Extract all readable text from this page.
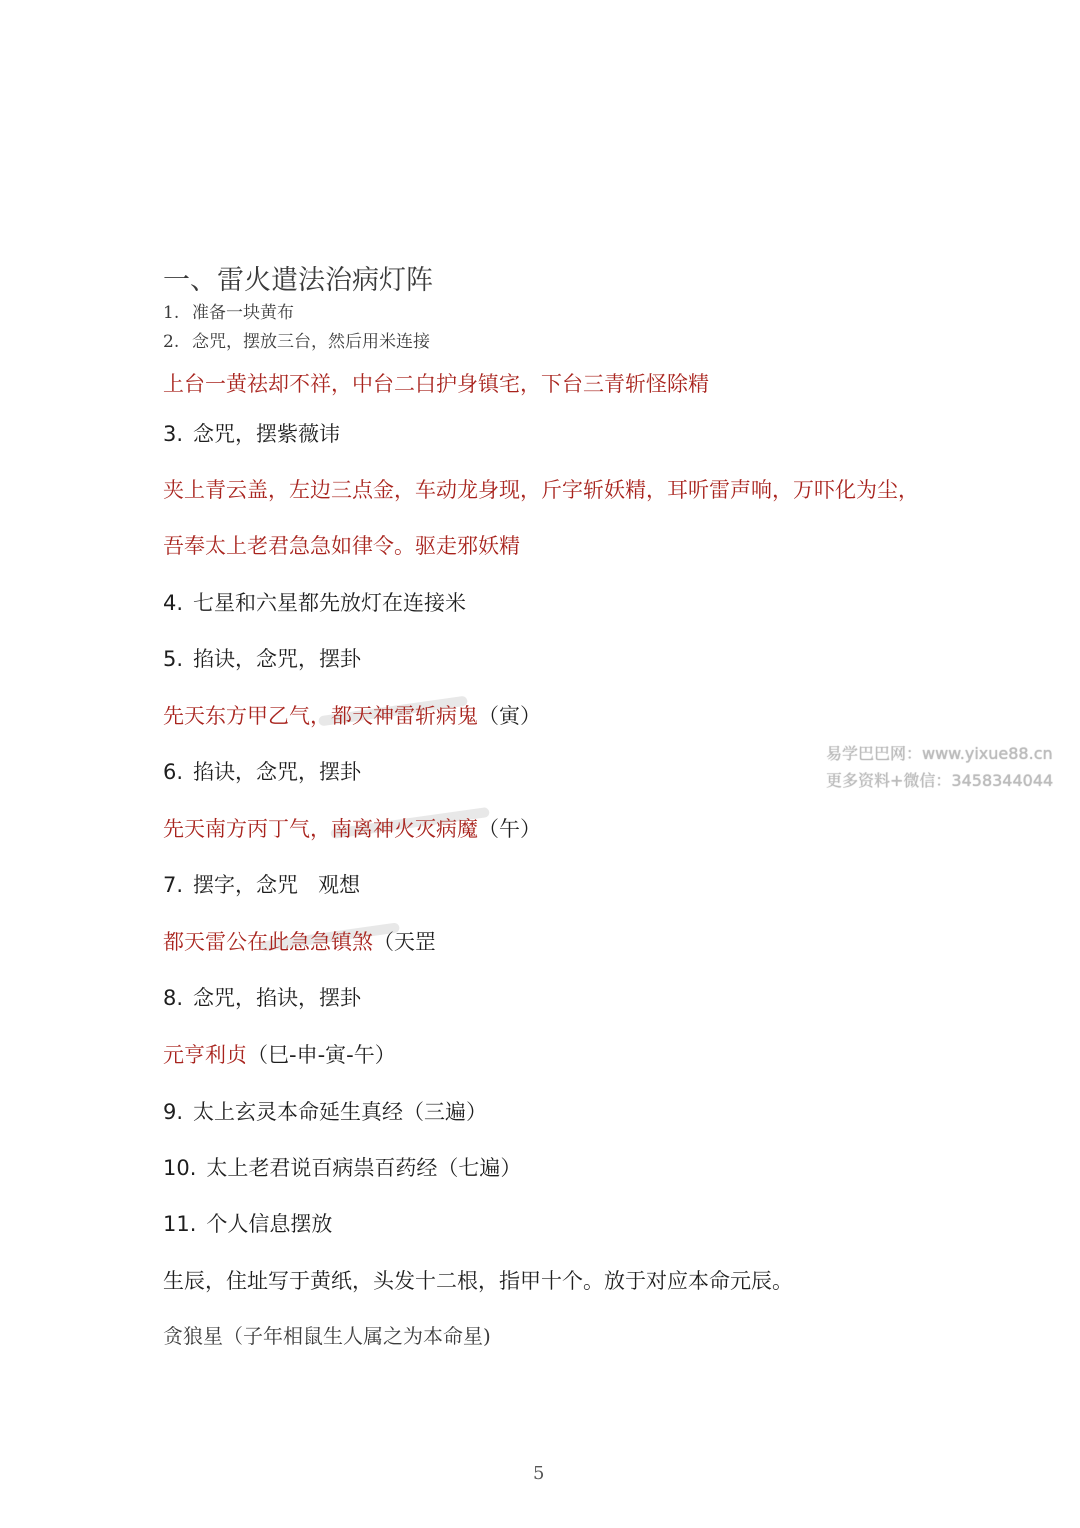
一、雷火遣法治病灯阵
1. 准备一块黄布
2. 念咒，摆放三台，然后用米连接
上台一黄祛却不祥，中台二白护身镇宅，下台三青斩怪除精
3. 念咒，摆紫薇讳
夹上青云盖，左边三点金，车动龙身现，斤字斩妖精，耳听雷声响，万吓化为尘，
吾奉太上老君急急如律令。驱走邪妖精
4. 七星和六星都先放灯在连接米
5. 掐诀，念咒，摆卦
先天东方甲乙气，都天神雷斩病鬼（寅）
6. 掐诀，念咒，摆卦
先天南方丙丁气，南离神火灭病魔（午）
7. 摆字，念咒   观想
都天雷公在此急急镇煞（天罡
8. 念咒，掐诀，摆卦
元亨利贞（巳-申-寅-午）
9. 太上玄灵本命延生真经（三遍）
10. 太上老君说百病祟百药经（七遍）
11. 个人信息摆放
生辰，住址写于黄纸，头发十二根，指甲十个。放于对应本命元辰。
贪狼星（子年相鼠生人属之为本命星)
易学巴巴网：www.yixue88.cn
更多资料+微信：3458344044
5
